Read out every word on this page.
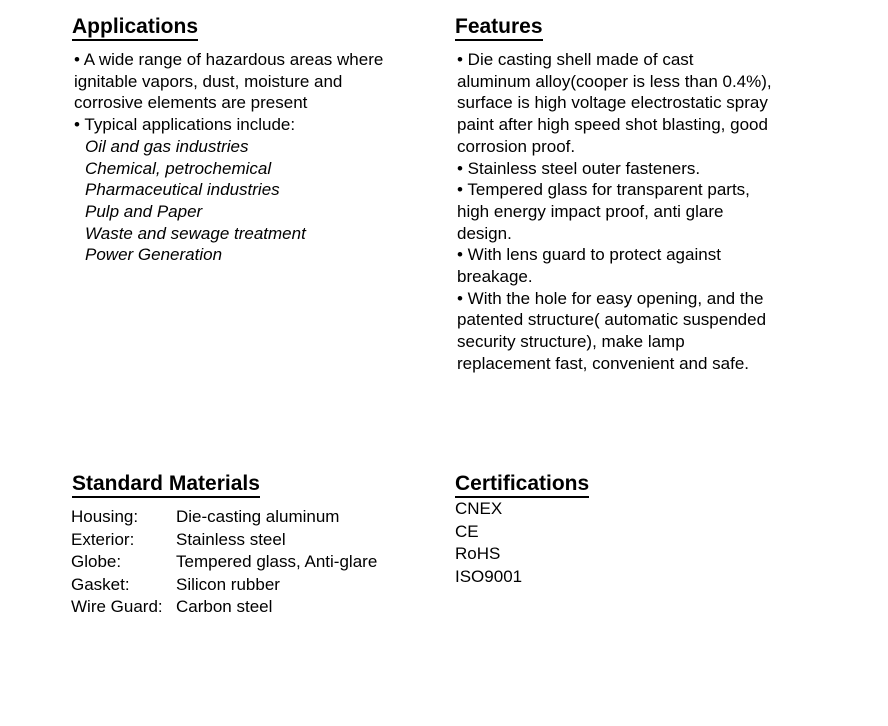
Applications
• A wide range of hazardous areas where
ignitable vapors, dust, moisture and
corrosive elements are present
• Typical applications include:
Oil and gas industries
Chemical, petrochemical
Pharmaceutical industries
Pulp and Paper
Waste and sewage treatment
Power Generation
Features
• Die casting shell made of cast
aluminum alloy(cooper is less than 0.4%),
surface is high voltage electrostatic spray
paint after high speed shot blasting, good
corrosion proof.
• Stainless steel outer fasteners.
• Tempered glass for transparent parts,
high energy impact proof, anti glare
design.
• With lens guard to protect against
breakage.
• With the hole for easy opening, and the
patented structure( automatic suspended
security structure), make lamp
replacement fast, convenient and safe.
Standard Materials
Housing:	Die-casting aluminum
Exterior:	Stainless steel
Globe:	Tempered glass, Anti-glare
Gasket:	Silicon rubber
Wire Guard: Carbon steel
Certifications
CNEX
CE
RoHS
ISO9001
